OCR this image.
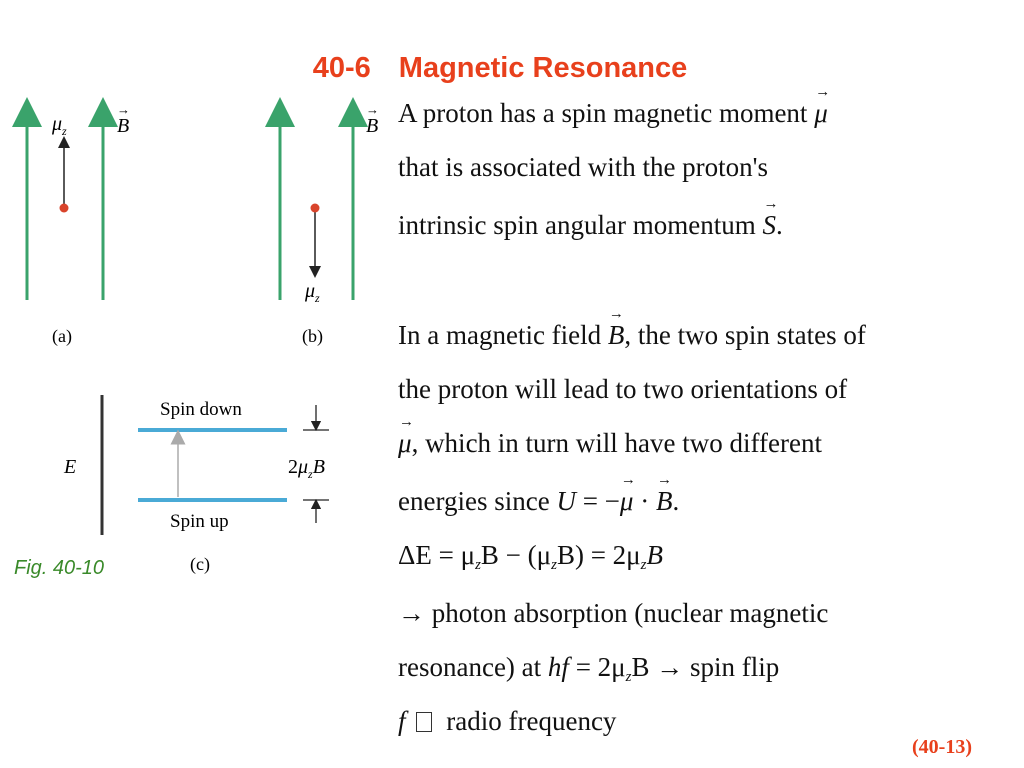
40-6 Magnetic Resonance
$\mu_z$	B
→
(a)
$\mu_z$
B
→
(b)
E
Spin down
Spin up
$2\mu_zB$
(c)
Fig. 40-10
A proton has a spin magnetic moment → μ
that is associated with the proton's
intrinsic spin angular momentum → S.
In a magnetic field → B, the two spin states of
the proton will lead to two orientations of
→ μ, which in turn will have two different
energies since U = −→ μ · → B.
$\Delta E = \mu_zB - (\mu_zB) = 2\mu_zB$
→ photon absorption (nuclear magnetic
resonance) at hf = $2\mu_zB$ → spin flip
f radio frequency
(40-13)
